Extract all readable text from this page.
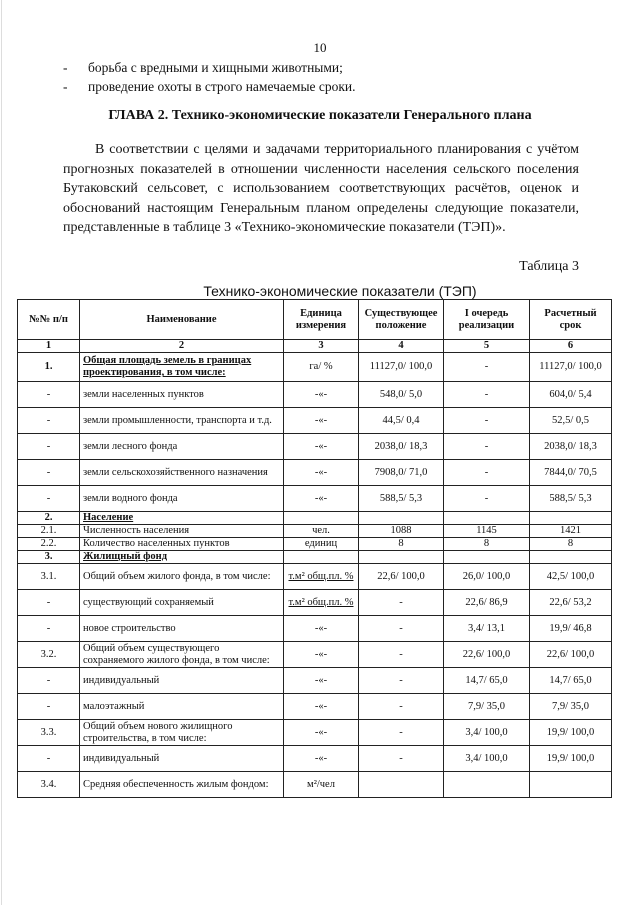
10
-	борьба с вредными и хищными животными;
-	проведение охоты в строго намечаемые сроки.
ГЛАВА 2. Технико-экономические показатели Генерального плана
В соответствии с целями и задачами территориального планирования с учётом прогнозных показателей в отношении численности населения сельского поселения Бутаковский сельсовет, с использованием соответствующих расчётов, оценок и обоснований настоящим Генеральным планом определены следующие показатели, представленные в таблице 3 «Технико-экономические показатели (ТЭП)».
Таблица 3
Технико-экономические показатели (ТЭП)
№№ п/п	Наименование	Единица измерения	Существующее положение	I очередь реализации	Расчетный срок
1	2	3	4	5	6
1.	Общая площадь земель в границах проектирования, в том числе:	га/ %	11127,0/ 100,0	-	11127,0/ 100,0
-	земли населенных пунктов	-«-	548,0/ 5,0	-	604,0/ 5,4
-	земли промышленности, транспорта и т.д.	-«-	44,5/ 0,4	-	52,5/ 0,5
-	земли лесного фонда	-«-	2038,0/ 18,3	-	2038,0/ 18,3
-	земли сельскохозяйственного назначения	-«-	7908,0/ 71,0	-	7844,0/ 70,5
-	земли водного фонда	-«-	588,5/ 5,3	-	588,5/ 5,3
2.	Население				
2.1.	Численность населения	чел.	1088	1145	1421
2.2.	Количество населенных пунктов	единиц	8	8	8
3.	Жилищный фонд				
3.1.	Общий объем жилого фонда, в том числе:	т.м² общ.пл. %	22,6/ 100,0	26,0/ 100,0	42,5/ 100,0
-	существующий сохраняемый	т.м² общ.пл. %	-	22,6/ 86,9	22,6/ 53,2
-	новое строительство	-«-	-	3,4/ 13,1	19,9/ 46,8
3.2.	Общий объем существующего сохраняемого жилого фонда, в том числе:	-«-	-	22,6/ 100,0	22,6/ 100,0
-	индивидуальный	-«-	-	14,7/ 65,0	14,7/ 65,0
-	малоэтажный	-«-	-	7,9/ 35,0	7,9/ 35,0
3.3.	Общий объем нового жилищного строительства, в том числе:	-«-	-	3,4/ 100,0	19,9/ 100,0
-	индивидуальный	-«-	-	3,4/ 100,0	19,9/ 100,0
3.4.	Средняя обеспеченность жилым фондом:	м²/чел			
